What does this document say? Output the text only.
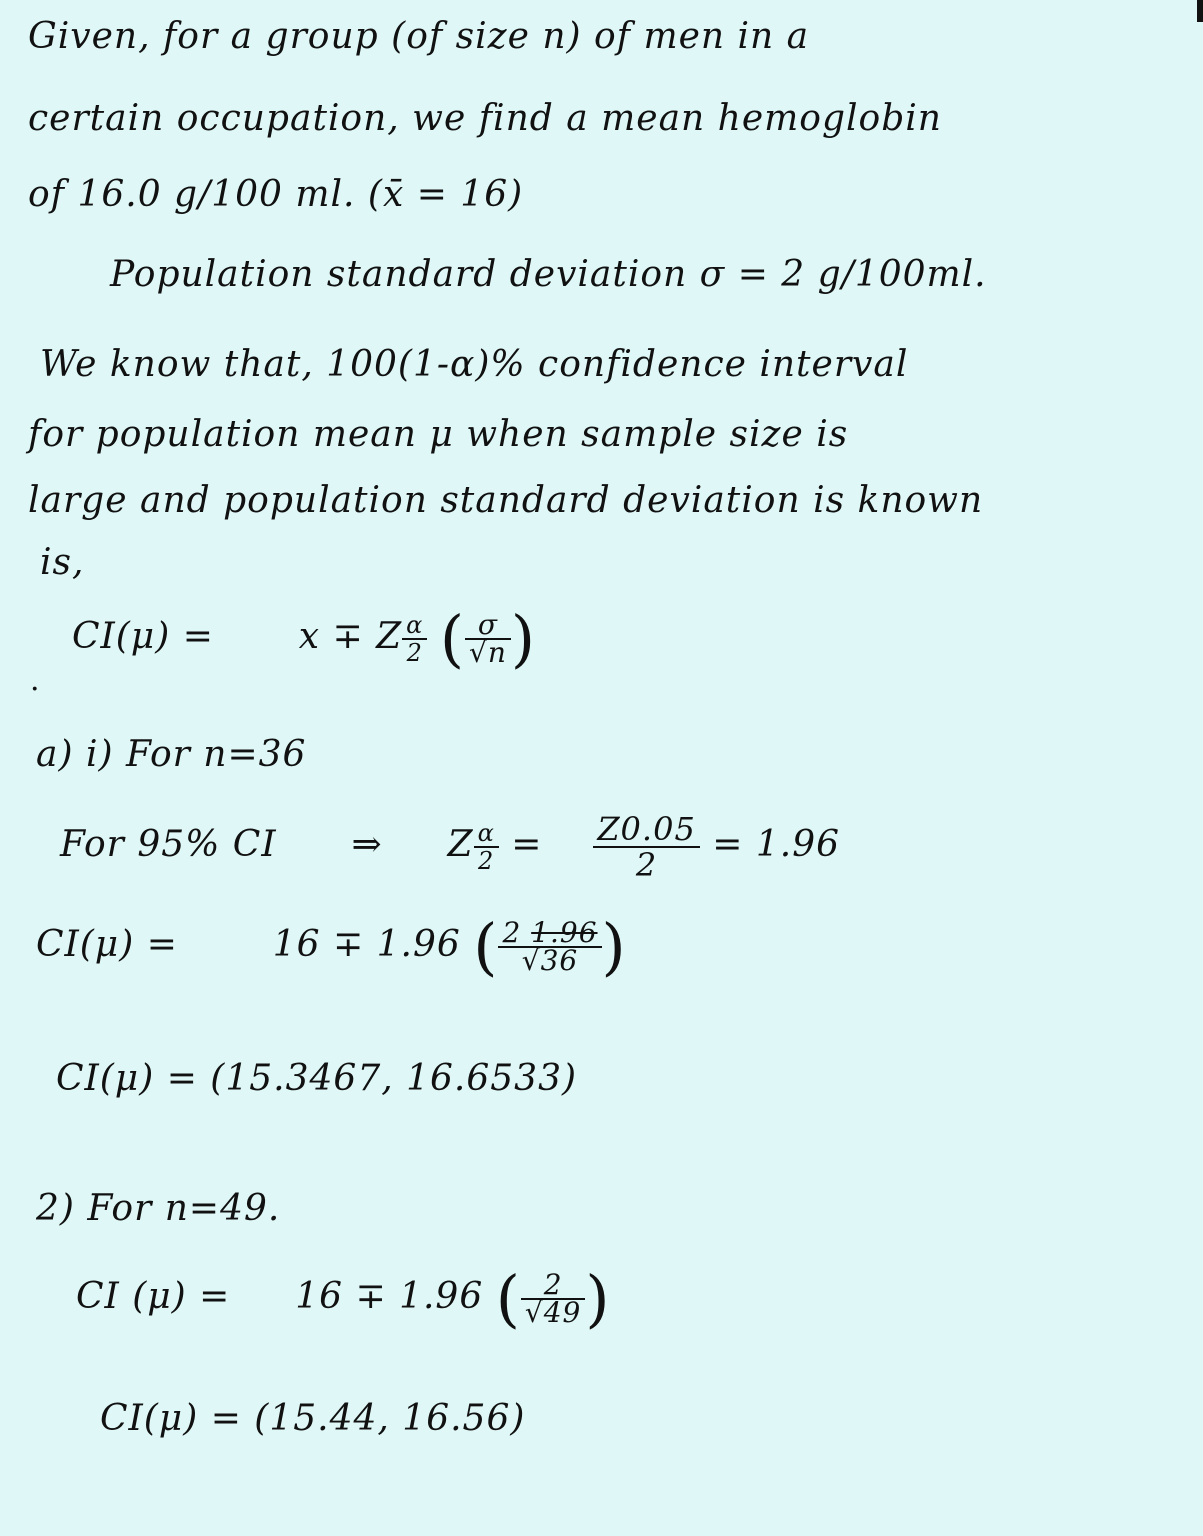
Given, for a group (of size n) of men in a
certain occupation, we find a mean hemoglobin
of 16.0 g/100 ml. (x̄ = 16)
Population standard deviation σ = 2 g/100ml.
We know that, 100(1-α)% confidence interval
for population mean μ when sample size is
large and population standard deviation is known
is,
CI(μ) = x ∓ Z $\frac{\alpha}{2}$ ( $\frac{\sigma}{√n}$ )
·
a) i) For n=36
For 95% CI ⇒ Z $\frac{\alpha}{2} = \frac{Z0.05}{2} = 1.96$
CI(μ) =	16 ∓ 1.96 ( $\frac{2 1.96}{√36}$ )
CI(μ) = (15.3467, 16.6533)
2) For n=49.
CI (μ) = 16 ∓ 1.96 ( $\frac{2}{√49}$ )
CI(μ) = (15.44, 16.56)
